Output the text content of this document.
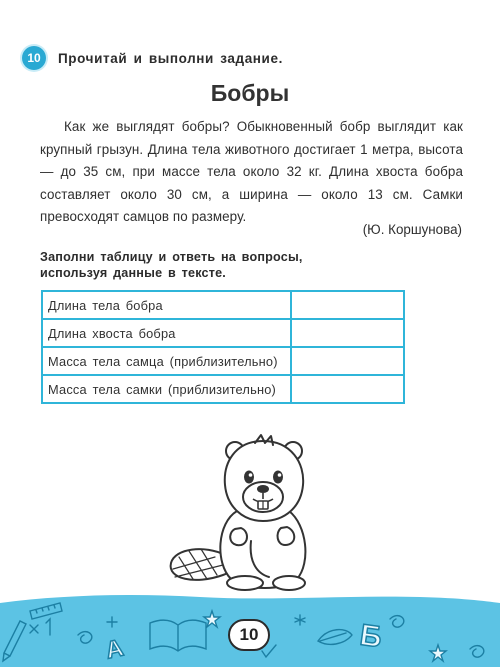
10	Прочитай и выполни задание.
Бобры

Как же выглядят бобры? Обыкновенный бобр выглядит как крупный грызун. Длина тела животного достигает 1 метра, высота — до 35 см, при массе тела около 32 кг. Длина хвоста бобра составляет около 30 см, а ширина — около 13 см. Самки превосходят самцов по размеру.

(Ю. Коршунова)

Заполни таблицу и ответь на вопросы,
используя данные в тексте.

Длина тела бобра	
Длина хвоста бобра	
Масса тела самца (приблизительно)	
Масса тела самки (приблизительно)	
А	Б
10
